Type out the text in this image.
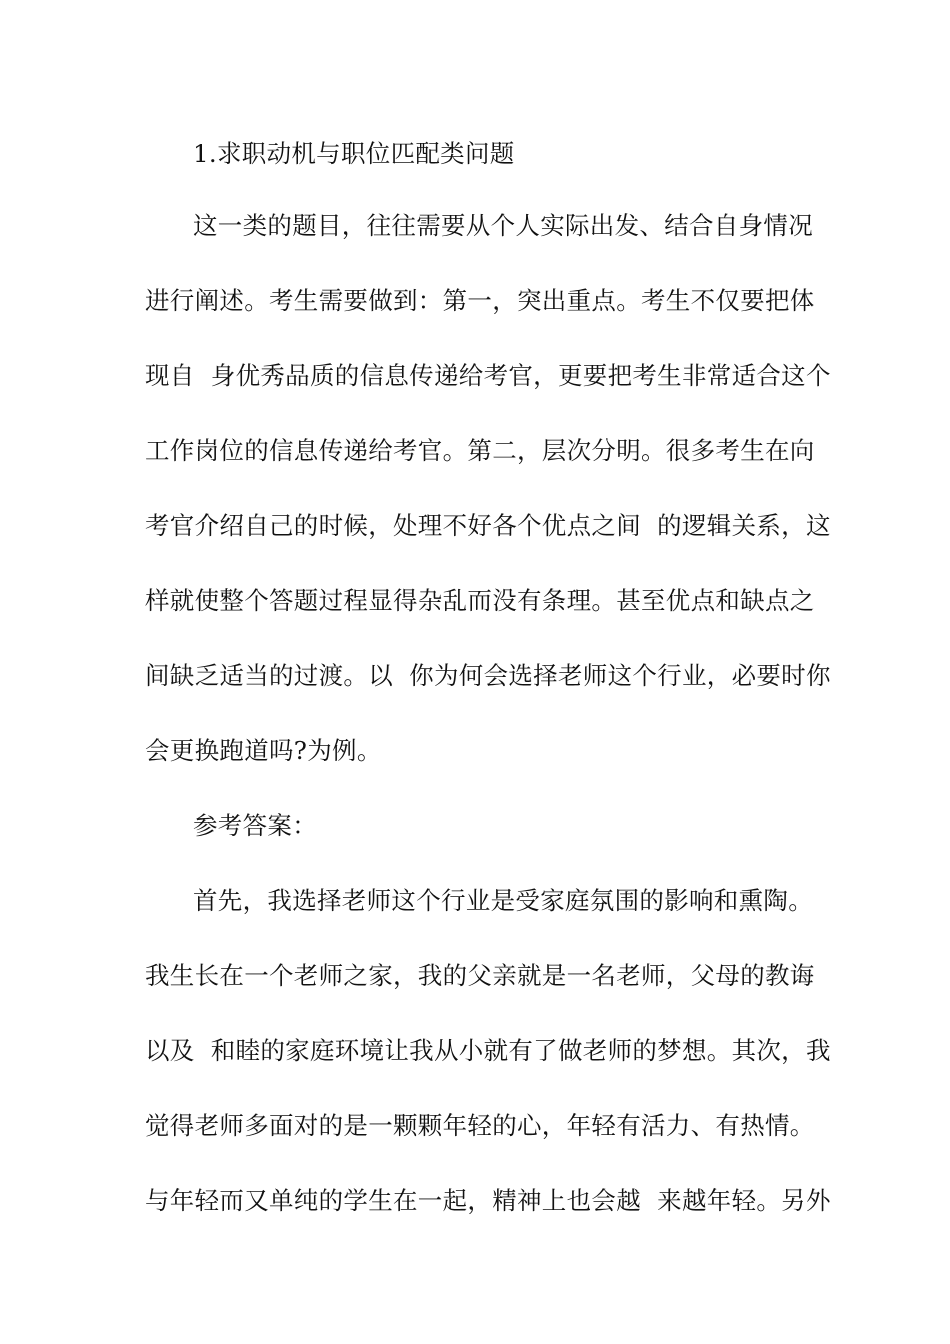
1.求职动机与职位匹配类问题
这一类的题目，往往需要从个人实际出发、结合自身情况
进行阐述。考生需要做到：第一，突出重点。考生不仅要把体
现自  身优秀品质的信息传递给考官，更要把考生非常适合这个
工作岗位的信息传递给考官。第二，层次分明。很多考生在向
考官介绍自己的时候，处理不好各个优点之间  的逻辑关系，这
样就使整个答题过程显得杂乱而没有条理。甚至优点和缺点之
间缺乏适当的过渡。以  你为何会选择老师这个行业，必要时你
会更换跑道吗?为例。
参考答案：
首先，我选择老师这个行业是受家庭氛围的影响和熏陶。
我生长在一个老师之家，我的父亲就是一名老师，父母的教诲
以及  和睦的家庭环境让我从小就有了做老师的梦想。其次，我
觉得老师多面对的是一颗颗年轻的心，年轻有活力、有热情。
与年轻而又单纯的学生在一起，精神上也会越  来越年轻。另外
